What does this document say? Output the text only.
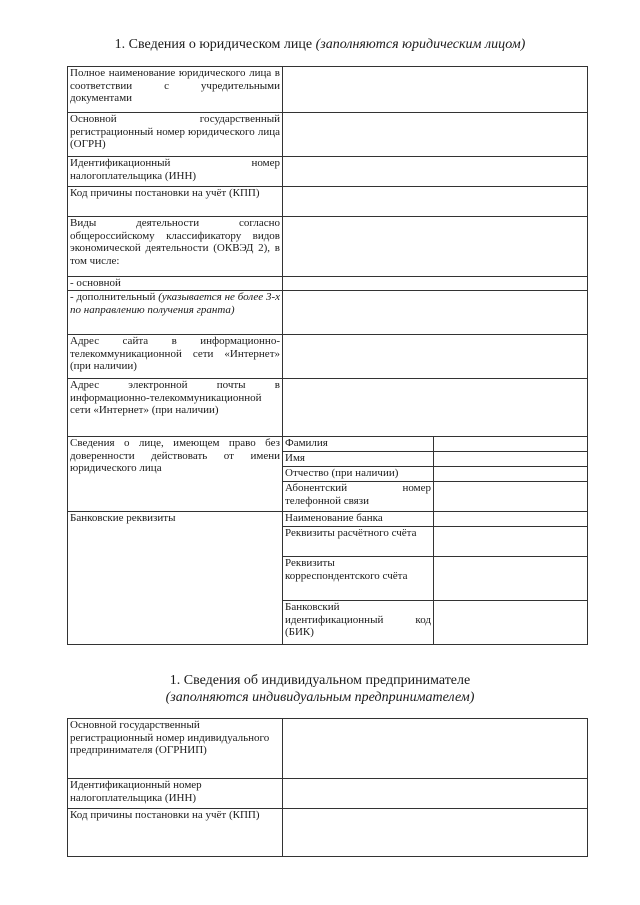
1. Сведения о юридическом лице (заполняются юридическим лицом)
Полное наименование юридического лица в соответствии с учредительными документами		
Основной государственный регистрационный номер юридического лица (ОГРН)		
Идентификационный номер налогоплательщика (ИНН)		
Код причины постановки на учёт (КПП)		
Виды деятельности согласно общероссийскому классификатору видов экономической деятельности (ОКВЭД 2), в том числе:		
- основной		
- дополнительный (указывается не более 3-х по направлению получения гранта)		
Адрес сайта в информационно-телекоммуникационной сети «Интернет» (при наличии)		
Адрес электронной почты в информационно-телекоммуникационной сети «Интернет» (при наличии)		
Сведения о лице, имеющем право без доверенности действовать от имени юридического лица	Фамилия	
	Имя	
	Отчество (при наличии)	
	Абонентский номер телефонной связи	
Банковские реквизиты	Наименование банка	
	Реквизиты расчётного счёта	
	Реквизиты корреспондентского счёта	
	Банковский идентификационный код (БИК)	
1. Сведения об индивидуальном предпринимателе
(заполняются индивидуальным предпринимателем)
Основной государственный регистрационный номер индивидуального предпринимателя (ОГРНИП)	
Идентификационный номер налогоплательщика (ИНН)	
Код причины постановки на учёт (КПП)	
